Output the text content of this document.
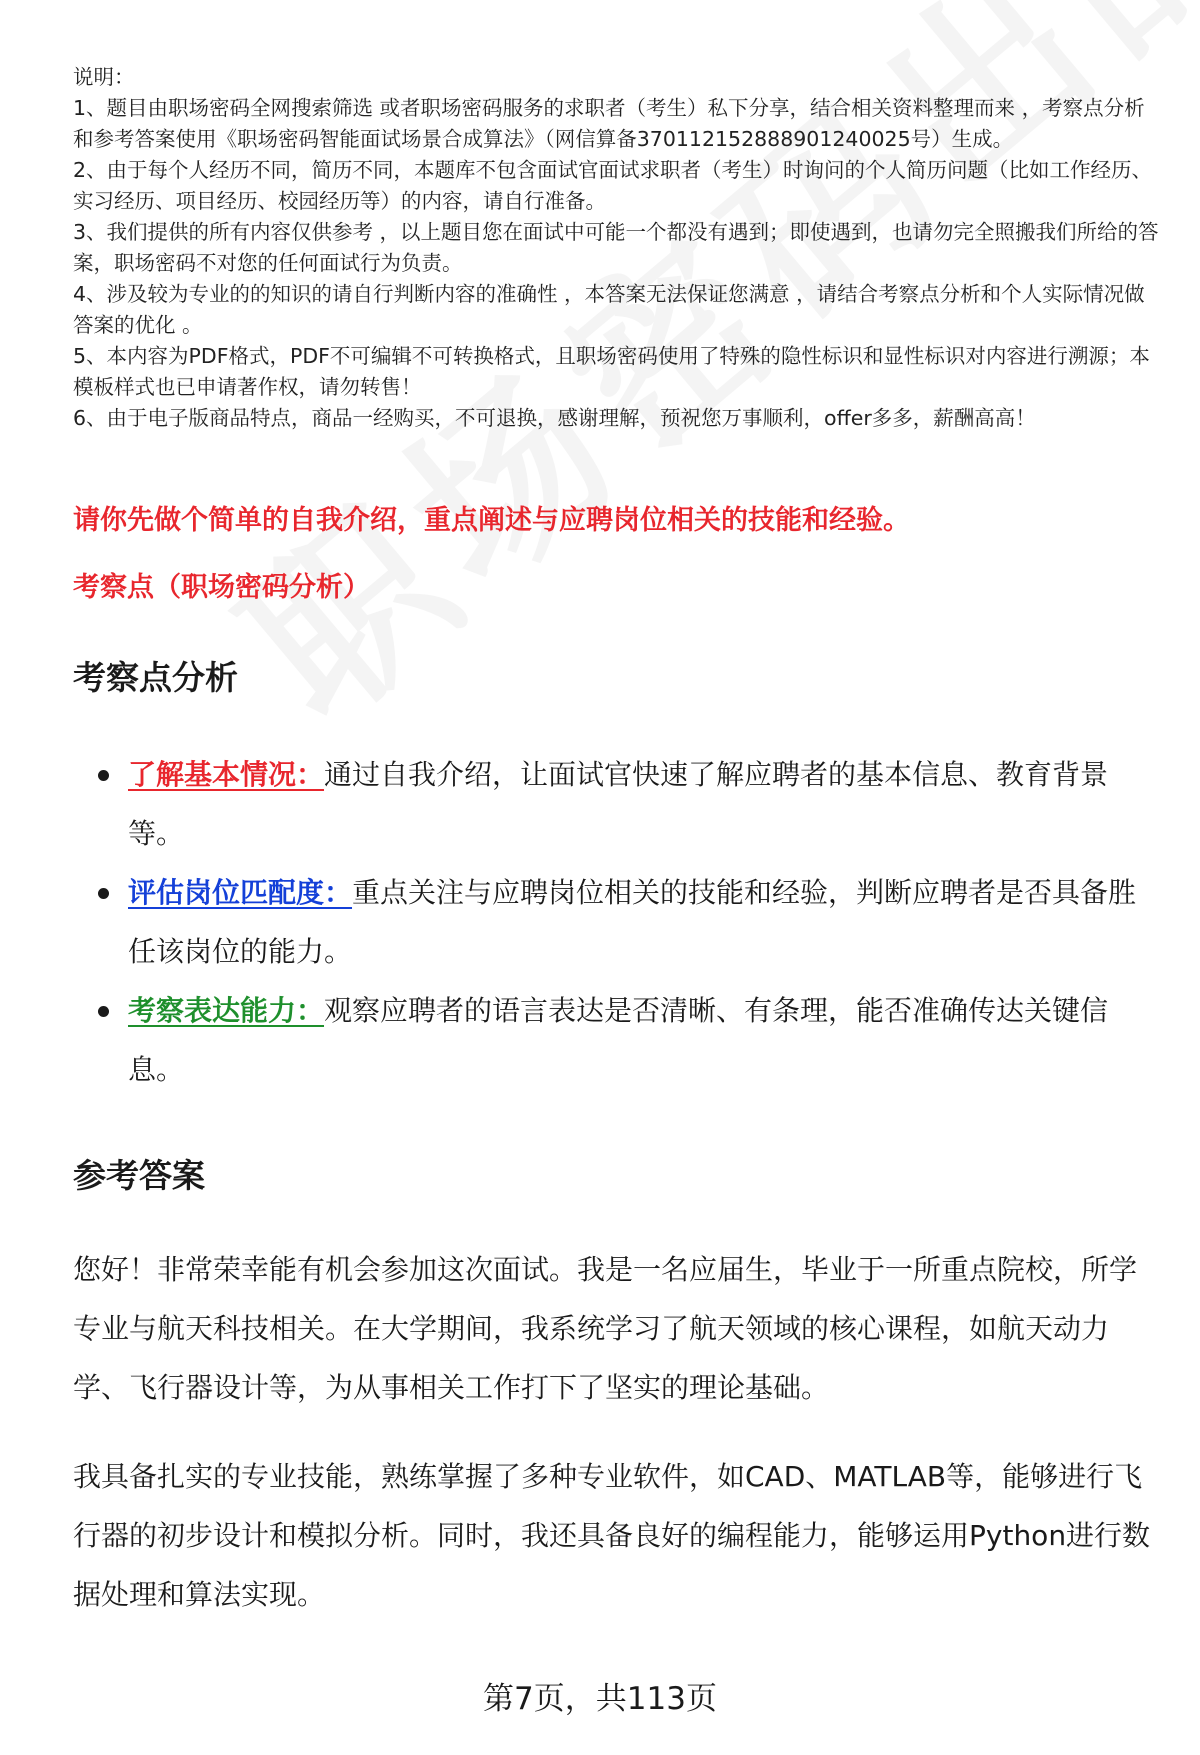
说明：

1、题目由职场密码全网搜索筛选 或者职场密码服务的求职者（考生）私下分享，结合相关资料整理而来 ，考察点分析和参考答案使用《职场密码智能面试场景合成算法》（网信算备370112152888901240025号）生成。

2、由于每个人经历不同，简历不同，本题库不包含面试官面试求职者（考生）时询问的个人简历问题（比如工作经历、实习经历、项目经历、校园经历等）的内容，请自行准备。

3、我们提供的所有内容仅供参考 ，以上题目您在面试中可能一个都没有遇到；即使遇到，也请勿完全照搬我们所给的答案，职场密码不对您的任何面试行为负责。

4、涉及较为专业的的知识的请自行判断内容的准确性 ，本答案无法保证您满意 ，请结合考察点分析和个人实际情况做答案的优化 。

5、本内容为PDF格式，PDF不可编辑不可转换格式，且职场密码使用了特殊的隐性标识和显性标识对内容进行溯源；本模板样式也已申请著作权，请勿转售！

6、由于电子版商品特点，商品一经购买，不可退换，感谢理解，预祝您万事顺利，offer多多，薪酬高高！

请你先做个简单的自我介绍，重点阐述与应聘岗位相关的技能和经验。
考察点（职场密码分析）
考察点分析
了解基本情况：通过自我介绍，让面试官快速了解应聘者的基本信息、教育背景等。
评估岗位匹配度：重点关注与应聘岗位相关的技能和经验，判断应聘者是否具备胜任该岗位的能力。
考察表达能力：观察应聘者的语言表达是否清晰、有条理，能否准确传达关键信息。
参考答案

您好！非常荣幸能有机会参加这次面试。我是一名应届生，毕业于一所重点院校，所学专业与航天科技相关。在大学期间，我系统学习了航天领域的核心课程，如航天动力学、飞行器设计等，为从事相关工作打下了坚实的理论基础。

我具备扎实的专业技能，熟练掌握了多种专业软件，如CAD、MATLAB等，能够进行飞行器的初步设计和模拟分析。同时，我还具备良好的编程能力，能够运用Python进行数据处理和算法实现。

第7页，共113页
